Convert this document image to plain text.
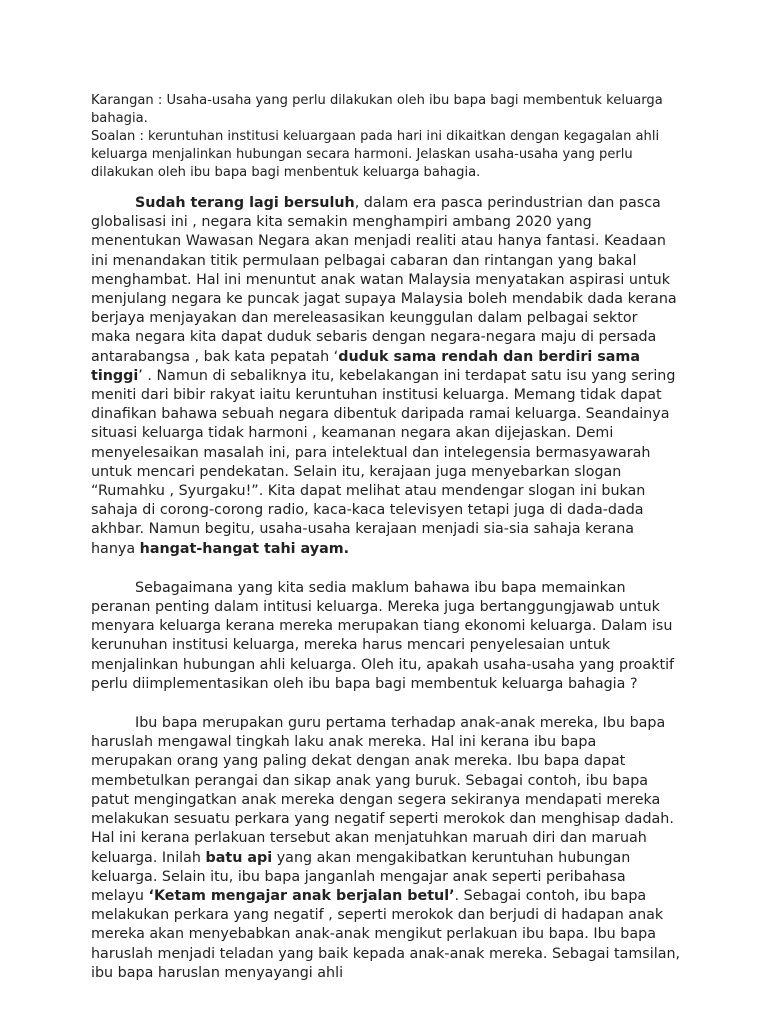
Karangan : Usaha-usaha yang perlu dilakukan oleh ibu bapa bagi membentuk keluarga bahagia.

Soalan : keruntuhan institusi keluargaan pada hari ini dikaitkan dengan kegagalan ahli keluarga menjalinkan hubungan secara harmoni. Jelaskan usaha-usaha yang perlu dilakukan oleh ibu bapa bagi menbentuk keluarga bahagia.

Sudah terang lagi bersuluh, dalam era pasca perindustrian dan pasca globalisasi ini , negara kita semakin menghampiri ambang 2020 yang menentukan Wawasan Negara akan menjadi realiti atau hanya fantasi. Keadaan ini menandakan titik permulaan pelbagai cabaran dan rintangan yang bakal menghambat. Hal ini menuntut anak watan Malaysia menyatakan aspirasi untuk menjulang negara ke puncak jagat supaya Malaysia boleh mendabik dada kerana berjaya menjayakan dan mereleasasikan keunggulan dalam pelbagai sektor maka negara kita dapat duduk sebaris dengan negara-negara maju di persada antarabangsa , bak kata pepatah ‘duduk sama rendah dan berdiri sama tinggi’ . Namun di sebaliknya itu, kebelakangan ini terdapat satu isu yang sering meniti dari bibir rakyat iaitu keruntuhan institusi keluarga. Memang tidak dapat dinafikan bahawa sebuah negara dibentuk daripada ramai keluarga. Seandainya situasi keluarga tidak harmoni , keamanan negara akan dijejaskan. Demi menyelesaikan masalah ini, para intelektual dan intelegensia bermasyawarah untuk mencari pendekatan. Selain itu, kerajaan juga menyebarkan slogan “Rumahku , Syurgaku!”. Kita dapat melihat atau mendengar slogan ini bukan sahaja di corong-corong radio, kaca-kaca televisyen tetapi juga di dada-dada akhbar. Namun begitu, usaha-usaha kerajaan menjadi sia-sia sahaja kerana hanya hangat-hangat tahi ayam.

Sebagaimana yang kita sedia maklum bahawa ibu bapa memainkan peranan penting dalam intitusi keluarga. Mereka juga bertanggungjawab untuk menyara keluarga kerana mereka merupakan tiang ekonomi keluarga. Dalam isu kerunuhan institusi keluarga, mereka harus mencari penyelesaian untuk menjalinkan hubungan ahli keluarga. Oleh itu, apakah usaha-usaha yang proaktif perlu diimplementasikan oleh ibu bapa bagi membentuk keluarga bahagia ?

Ibu bapa merupakan guru pertama terhadap anak-anak mereka, Ibu bapa haruslah mengawal tingkah laku anak mereka. Hal ini kerana ibu bapa merupakan orang yang paling dekat dengan anak mereka. Ibu bapa dapat membetulkan perangai dan sikap anak yang buruk. Sebagai contoh, ibu bapa patut mengingatkan anak mereka dengan segera sekiranya mendapati mereka melakukan sesuatu perkara yang negatif seperti merokok dan menghisap dadah. Hal ini kerana perlakuan tersebut akan menjatuhkan maruah diri dan maruah keluarga. Inilah batu api yang akan mengakibatkan keruntuhan hubungan keluarga. Selain itu, ibu bapa janganlah mengajar anak seperti peribahasa melayu ‘Ketam mengajar anak berjalan betul’. Sebagai contoh, ibu bapa melakukan perkara yang negatif , seperti merokok dan berjudi di hadapan anak mereka akan menyebabkan anak-anak mengikut perlakuan ibu bapa. Ibu bapa haruslah menjadi teladan yang baik kepada anak-anak mereka. Sebagai tamsilan, ibu bapa haruslan menyayangi ahli
